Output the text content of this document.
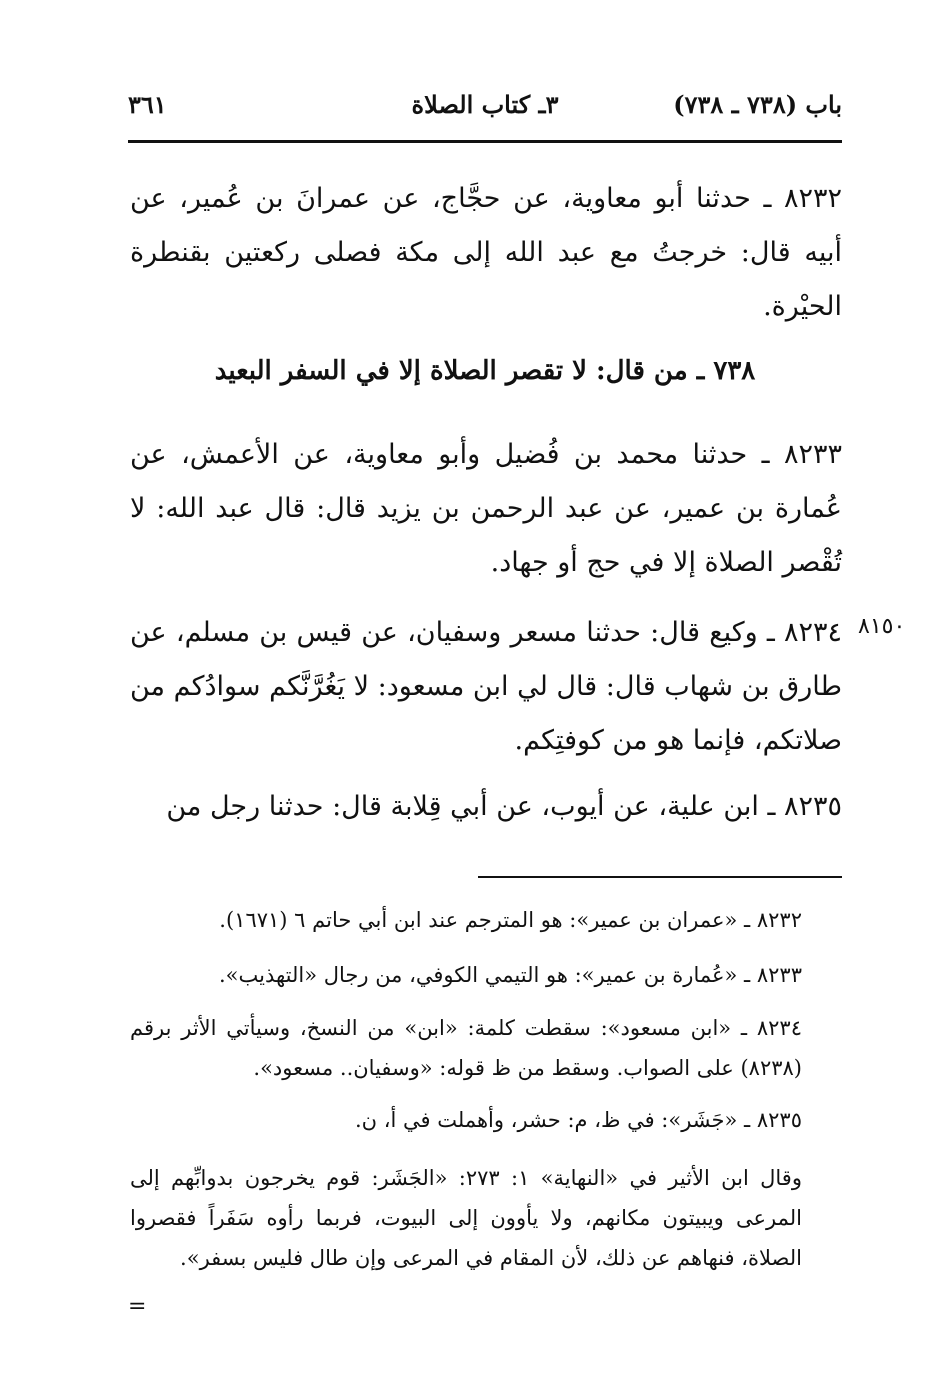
باب (٧٣٨ ـ ٧٣٨)
٣ـ كتاب الصلاة
٣٦١
٨٢٣٢ ـ حدثنا أبو معاوية، عن حجَّاج، عن عمرانَ بن عُمير، عن أبيه قال: خرجتُ مع عبد الله إلى مكة فصلى ركعتين بقنطرة الحيْرة.
٧٣٨ ـ من قال: لا تقصر الصلاة إلا في السفر البعيد
٨٢٣٣ ـ حدثنا محمد بن فُضيل وأبو معاوية، عن الأعمش، عن عُمارة بن عمير، عن عبد الرحمن بن يزيد قال: قال عبد الله: لا تُقْصر الصلاة إلا في حج أو جهاد.
٨١٥٠
٨٢٣٤ ـ وكيع قال: حدثنا مسعر وسفيان، عن قيس بن مسلم، عن طارق بن شهاب قال: قال لي ابن مسعود: لا يَغُرَّنَّكم سوادُكم من صلاتكم، فإنما هو من كوفتِكم.
٨٢٣٥ ـ ابن علية، عن أيوب، عن أبي قِلابة قال: حدثنا رجل من
٨٢٣٢ ـ «عمران بن عمير»: هو المترجم عند ابن أبي حاتم ٦ (١٦٧١).
٨٢٣٣ ـ «عُمارة بن عمير»: هو التيمي الكوفي، من رجال «التهذيب».
٨٢٣٤ ـ «ابن مسعود»: سقطت كلمة: «ابن» من النسخ، وسيأتي الأثر برقم (٨٢٣٨) على الصواب. وسقط من ظ قوله: «وسفيان.. مسعود».
٨٢٣٥ ـ «جَشَر»: في ظ، م: حشر، وأهملت في أ، ن.
وقال ابن الأثير في «النهاية» ١: ٢٧٣: «الجَشَر: قوم يخرجون بدوابِّهم إلى المرعى ويبيتون مكانهم، ولا يأوون إلى البيوت، فربما رأوه سَفَراً فقصروا الصلاة، فنهاهم عن ذلك، لأن المقام في المرعى وإن طال فليس بسفر».
=
